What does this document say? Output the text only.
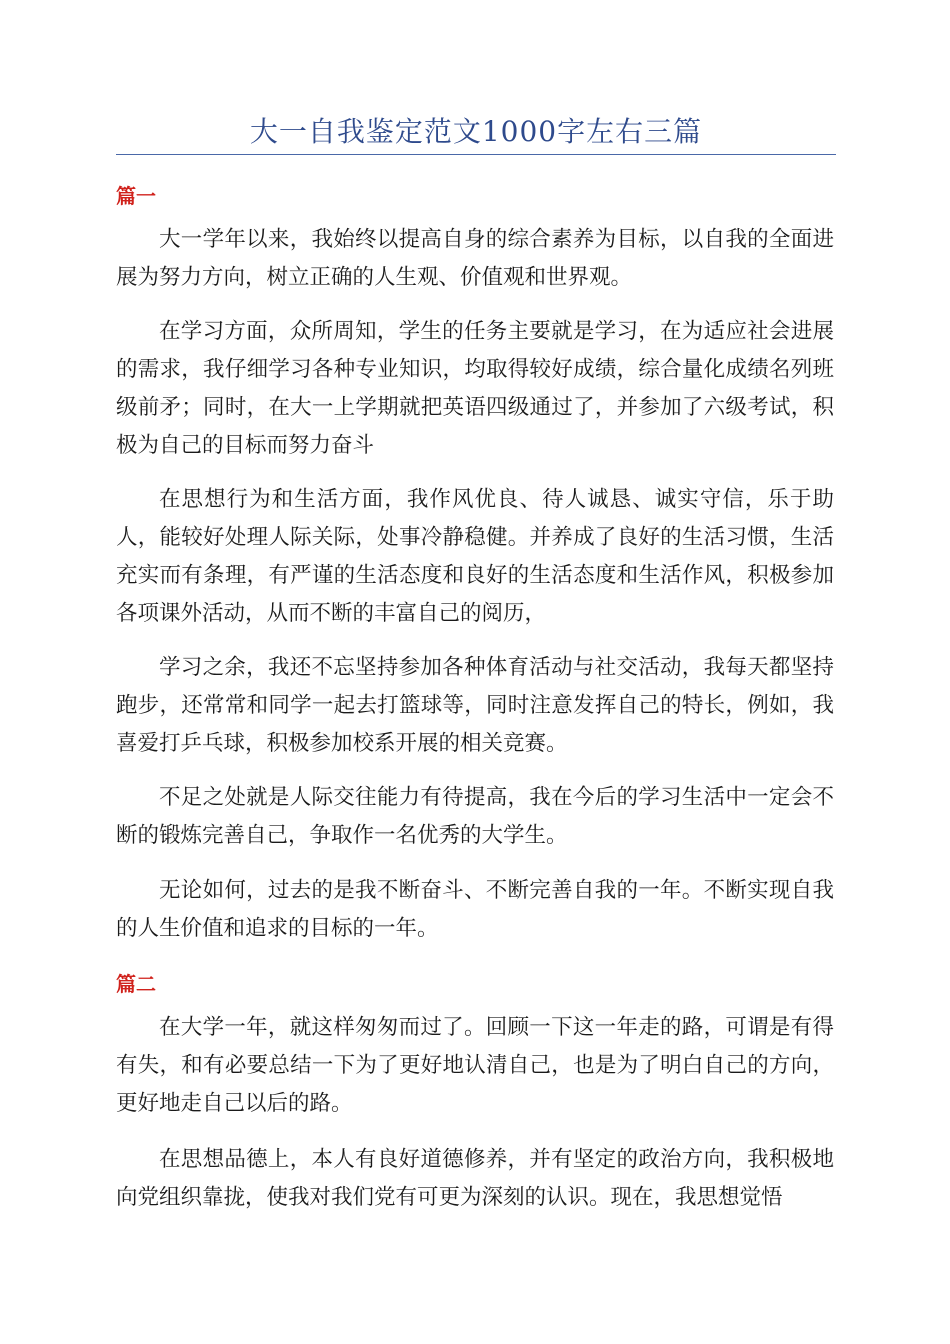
大一自我鉴定范文1000字左右三篇
篇一

大一学年以来，我始终以提高自身的综合素养为目标，以自我的全面进展为努力方向，树立正确的人生观、价值观和世界观。

在学习方面，众所周知，学生的任务主要就是学习，在为适应社会进展的需求，我仔细学习各种专业知识，均取得较好成绩，综合量化成绩名列班级前矛；同时，在大一上学期就把英语四级通过了，并参加了六级考试，积极为自己的目标而努力奋斗

在思想行为和生活方面，我作风优良、待人诚恳、诚实守信，乐于助人，能较好处理人际关际，处事冷静稳健。并养成了良好的生活习惯，生活充实而有条理，有严谨的生活态度和良好的生活态度和生活作风，积极参加各项课外活动，从而不断的丰富自己的阅历，

学习之余，我还不忘坚持参加各种体育活动与社交活动，我每天都坚持跑步，还常常和同学一起去打篮球等，同时注意发挥自己的特长，例如，我喜爱打乒乓球，积极参加校系开展的相关竞赛。

不足之处就是人际交往能力有待提高，我在今后的学习生活中一定会不断的锻炼完善自己，争取作一名优秀的大学生。

无论如何，过去的是我不断奋斗、不断完善自我的一年。不断实现自我的人生价值和追求的目标的一年。

篇二

在大学一年，就这样匆匆而过了。回顾一下这一年走的路，可谓是有得有失，和有必要总结一下为了更好地认清自己，也是为了明白自己的方向，更好地走自己以后的路。

在思想品德上，本人有良好道德修养，并有坚定的政治方向，我积极地向党组织靠拢，使我对我们党有可更为深刻的认识。现在，我思想觉悟
